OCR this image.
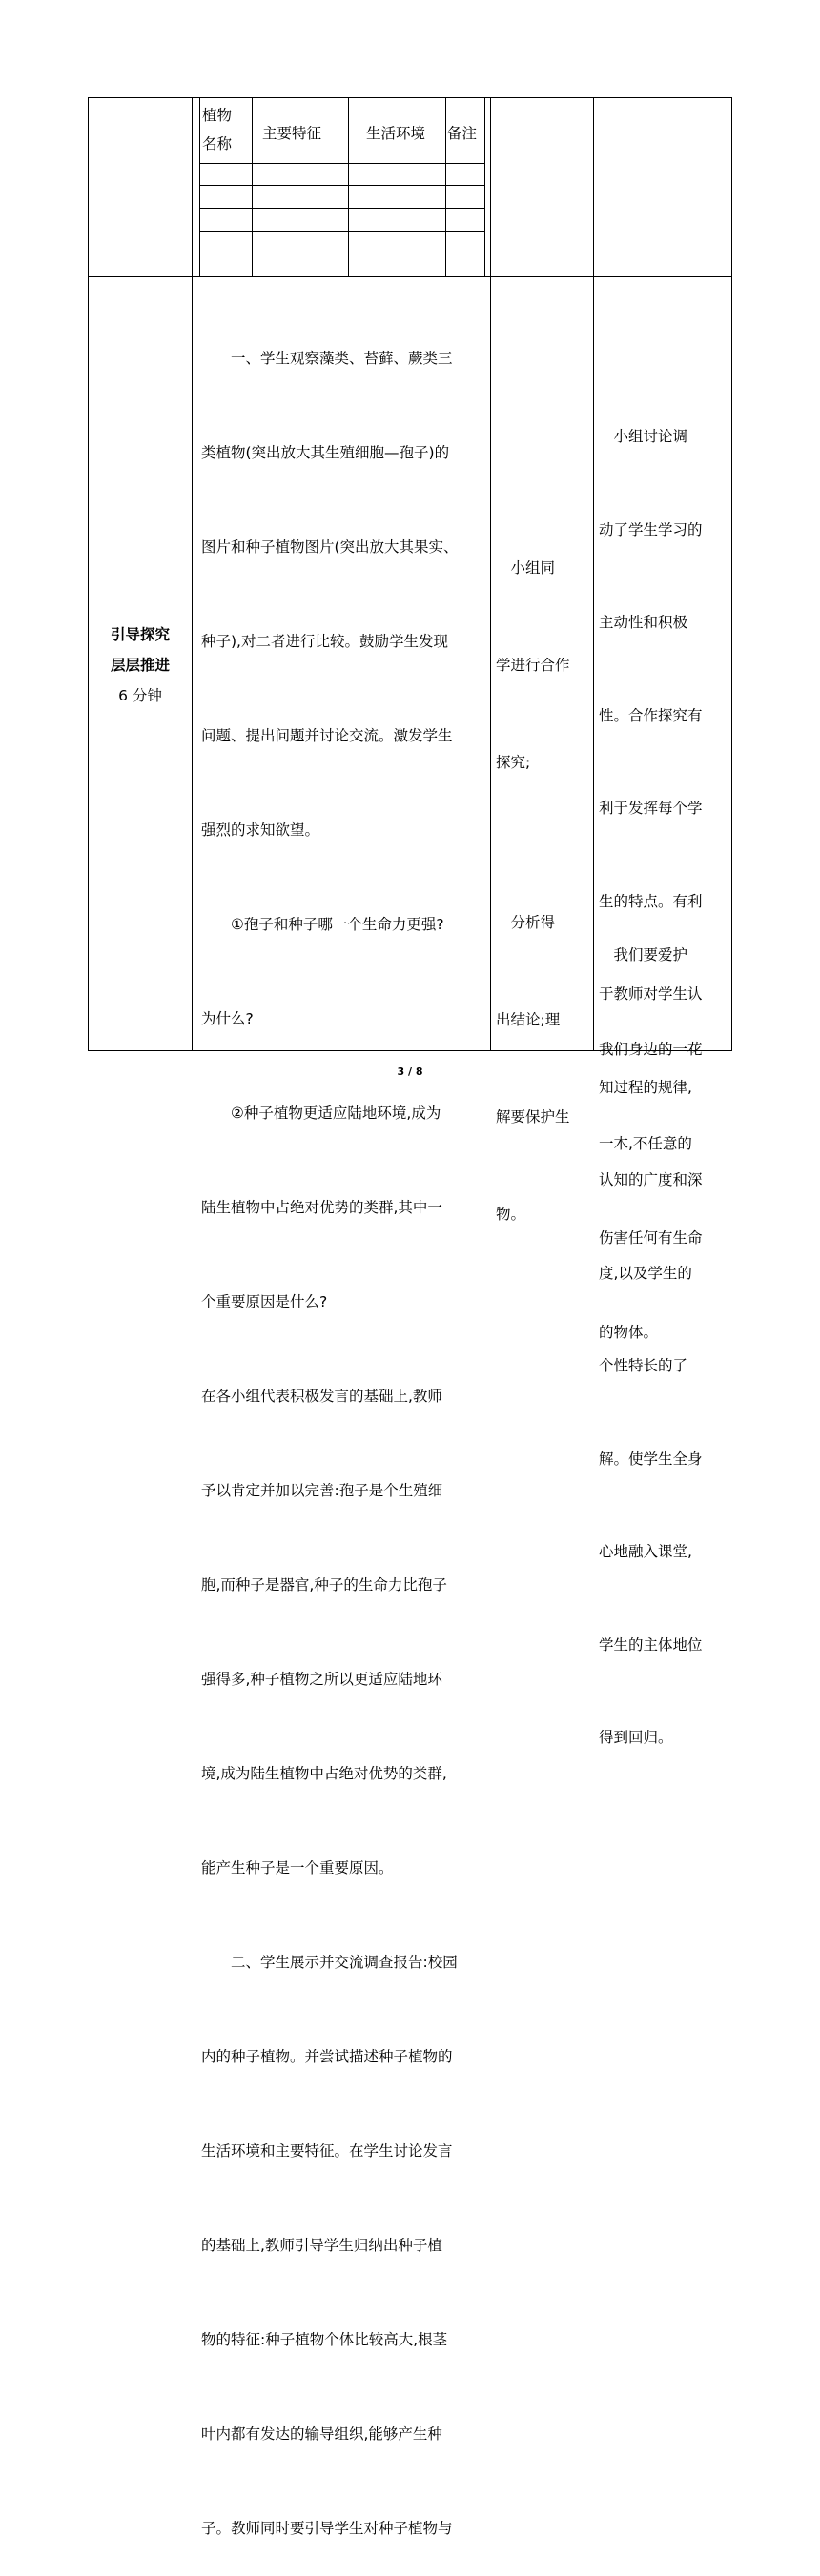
植物
名称
主要特征	生活环境 备注
引导探究
层层推进
6 分钟

　　一、学生观察藻类、苔藓、蕨类三

类植物(突出放大其生殖细胞—孢子)的

图片和种子植物图片(突出放大其果实、

种子),对二者进行比较。鼓励学生发现

问题、提出问题并讨论交流。激发学生

强烈的求知欲望。

　　①孢子和种子哪一个生命力更强?

为什么?

　　②种子植物更适应陆地环境,成为

陆生植物中占绝对优势的类群,其中一

个重要原因是什么?

在各小组代表积极发言的基础上,教师

予以肯定并加以完善:孢子是个生殖细

胞,而种子是器官,种子的生命力比孢子

强得多,种子植物之所以更适应陆地环

境,成为陆生植物中占绝对优势的类群,

能产生种子是一个重要原因。

　　二、学生展示并交流调查报告:校园

内的种子植物。并尝试描述种子植物的

生活环境和主要特征。在学生讨论发言

的基础上,教师引导学生归纳出种子植

物的特征:种子植物个体比较高大,根茎

叶内都有发达的输导组织,能够产生种

子。教师同时要引导学生对种子植物与

　小组同

学进行合作

探究;

　分析得

出结论;理

解要保护生

物。

　小组讨论调

动了学生学习的

主动性和积极

性。合作探究有

利于发挥每个学

生的特点。有利

于教师对学生认

知过程的规律,

认知的广度和深

度,以及学生的

个性特长的了

解。使学生全身

心地融入课堂,

学生的主体地位

得到回归。

　我们要爱护

我们身边的一花

一木,不任意的

伤害任何有生命

的物体。

3 / 8
